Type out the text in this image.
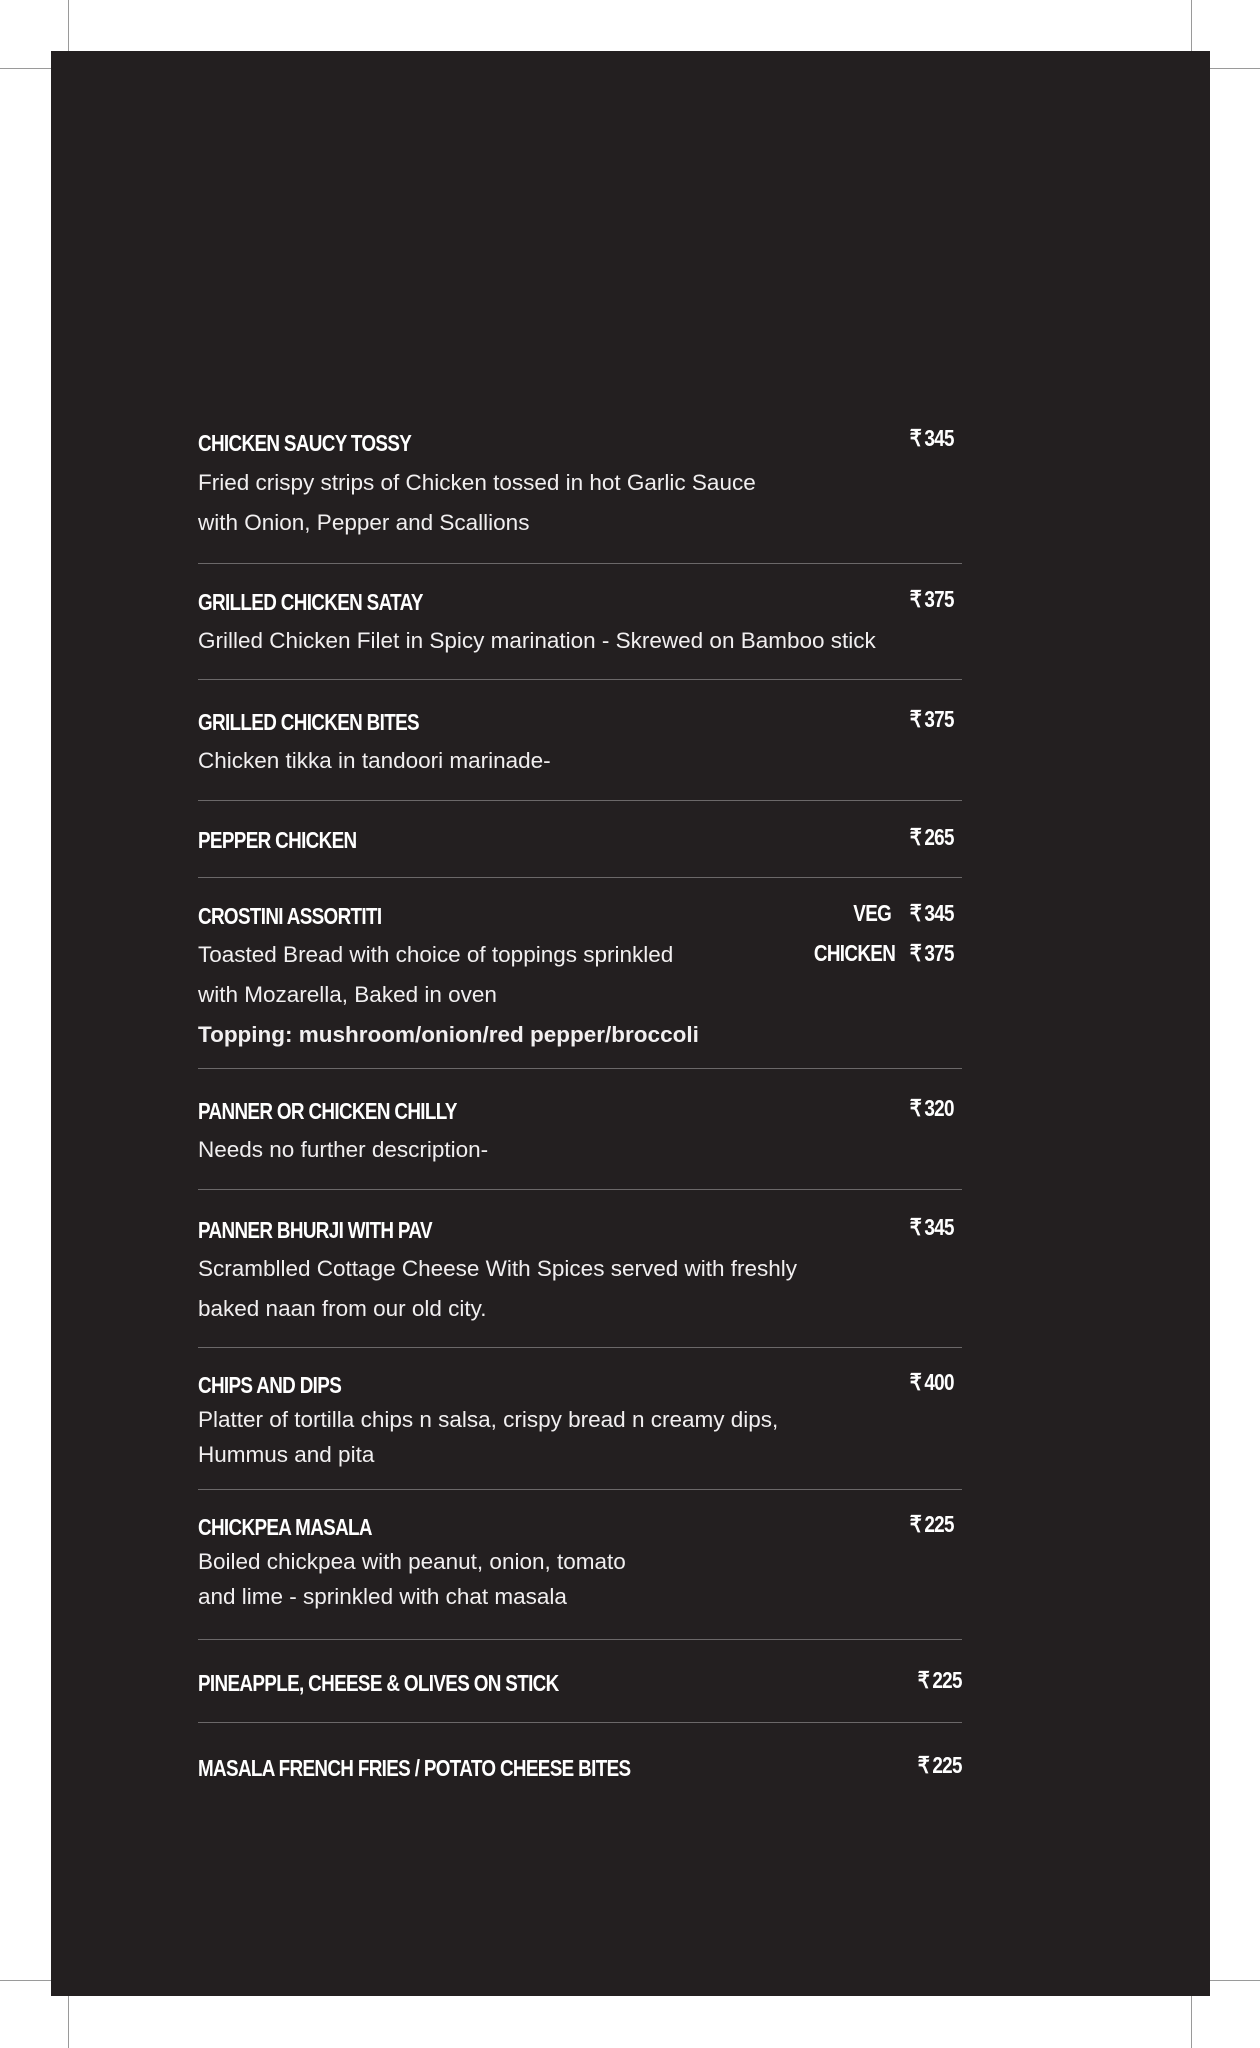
CHICKEN SAUCY TOSSY	₹ 345
Fried crispy strips of Chicken tossed in hot Garlic Sauce
with Onion, Pepper and Scallions
GRILLED CHICKEN SATAY	₹ 375
Grilled Chicken Filet in Spicy marination - Skrewed on Bamboo stick
GRILLED CHICKEN BITES	₹ 375
Chicken tikka in tandoori marinade-
PEPPER CHICKEN	₹ 265
CROSTINI ASSORTITI	VEG ₹ 345
CHICKEN ₹ 375
Toasted Bread with choice of toppings sprinkled
with Mozarella, Baked in oven
Topping: mushroom/onion/red pepper/broccoli
PANNER OR CHICKEN CHILLY	₹ 320
Needs no further description-
PANNER BHURJI WITH PAV	₹ 345
Scramblled Cottage Cheese With Spices served with freshly
baked naan from our old city.
CHIPS AND DIPS	₹ 400
Platter of tortilla chips n salsa, crispy bread n creamy dips,
Hummus and pita
CHICKPEA MASALA	₹ 225
Boiled chickpea with peanut, onion, tomato
and lime - sprinkled with chat masala
PINEAPPLE, CHEESE & OLIVES ON STICK	₹ 225
MASALA FRENCH FRIES / POTATO CHEESE BITES	₹ 225
